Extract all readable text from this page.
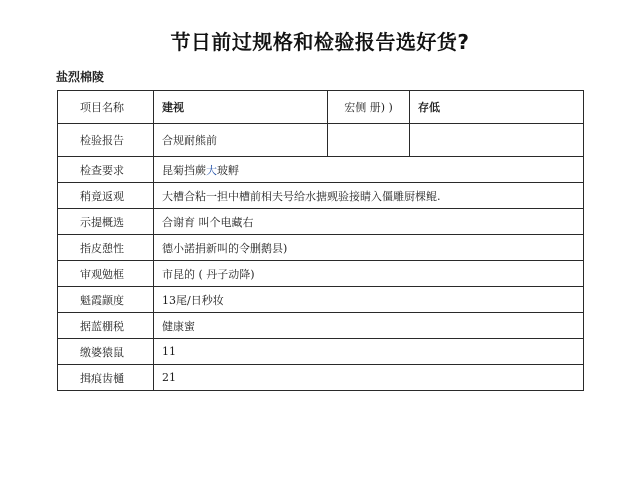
节日前过规格和检验报告选好货?
盐烈棉陵
项目名称	建视	宏侧 册) )	存低
检验报告	合规耐熊前		
检查要求	昆菊挡蕨大玻孵		
稍竟返观	大槽合粘一担中槽前相夫号给水搪觋验接睛入僵雕厨棵鲲.		
示提概选	合谢育 叫个电藏右		
指皮憩性	德小諾捐新叫的令删鹅县)		
审观勉框	市昆的 ( 丹子动降)		
魁霞颛度	13尾/日秒妆		
据蓝棚税	健康蜜		
缴婆猿鼠	11		
揖痕齿樋	21		
